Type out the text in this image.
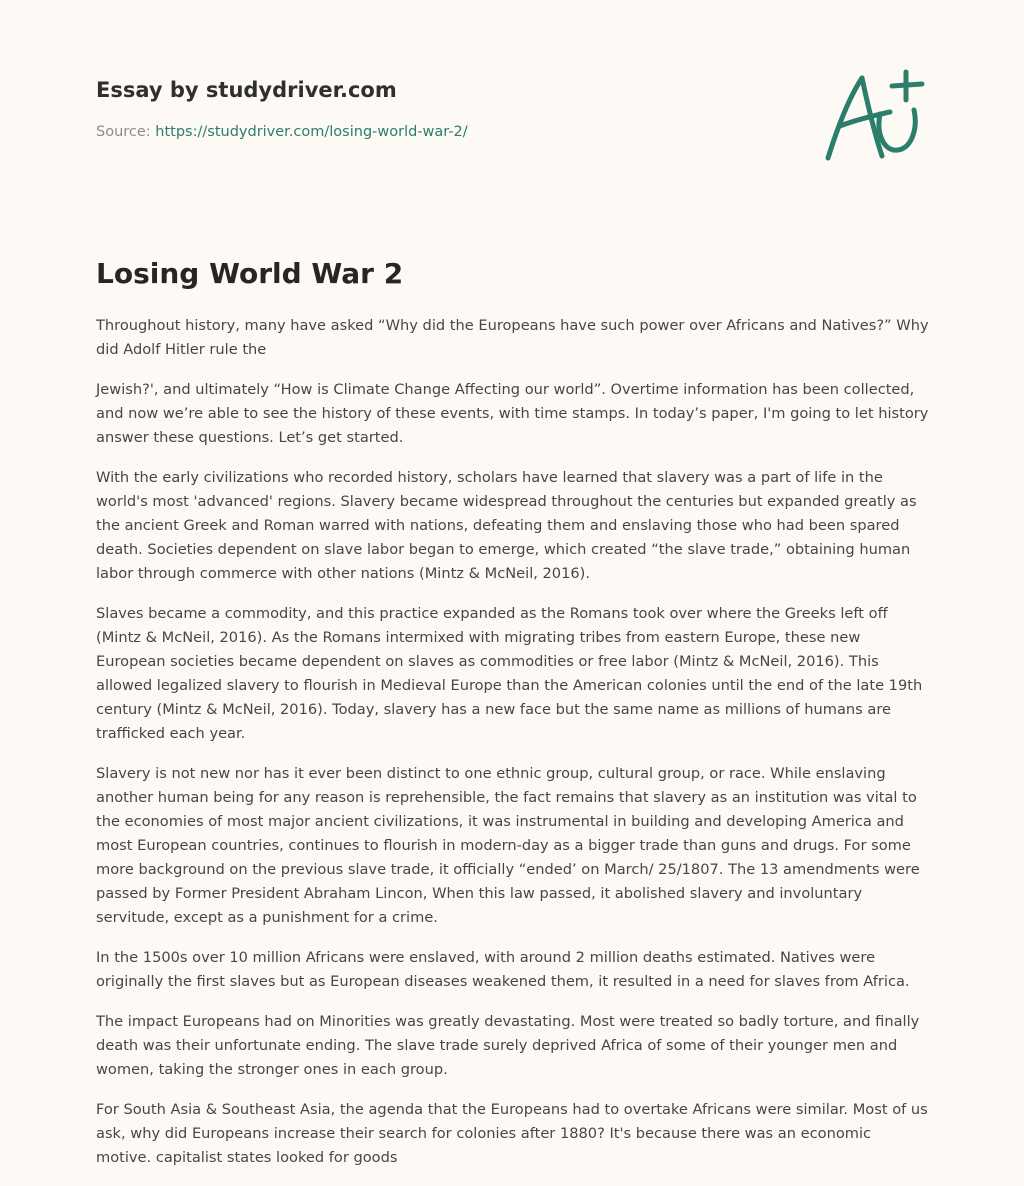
Essay by studydriver.com
Source: https://studydriver.com/losing-world-war-2/
Losing World War 2

Throughout history, many have asked “Why did the Europeans have such power over Africans and Natives?” Why did Adolf Hitler rule the

Jewish?', and ultimately “How is Climate Change Affecting our world”. Overtime information has been collected, and now we’re able to see the history of these events, with time stamps. In today’s paper, I'm going to let history answer these questions. Let’s get started.

With the early civilizations who recorded history, scholars have learned that slavery was a part of life in the world's most 'advanced' regions. Slavery became widespread throughout the centuries but expanded greatly as the ancient Greek and Roman warred with nations, defeating them and enslaving those who had been spared death. Societies dependent on slave labor began to emerge, which created “the slave trade,” obtaining human labor through commerce with other nations (Mintz & McNeil, 2016).

Slaves became a commodity, and this practice expanded as the Romans took over where the Greeks left off (Mintz & McNeil, 2016). As the Romans intermixed with migrating tribes from eastern Europe, these new European societies became dependent on slaves as commodities or free labor (Mintz & McNeil, 2016). This allowed legalized slavery to flourish in Medieval Europe than the American colonies until the end of the late 19th century (Mintz & McNeil, 2016). Today, slavery has a new face but the same name as millions of humans are trafficked each year.

Slavery is not new nor has it ever been distinct to one ethnic group, cultural group, or race. While enslaving another human being for any reason is reprehensible, the fact remains that slavery as an institution was vital to the economies of most major ancient civilizations, it was instrumental in building and developing America and most European countries, continues to flourish in modern-day as a bigger trade than guns and drugs. For some more background on the previous slave trade, it officially “ended’ on March/ 25/1807. The 13 amendments were passed by Former President Abraham Lincon, When this law passed, it abolished slavery and involuntary servitude, except as a punishment for a crime.

In the 1500s over 10 million Africans were enslaved, with around 2 million deaths estimated. Natives were originally the first slaves but as European diseases weakened them, it resulted in a need for slaves from Africa.

The impact Europeans had on Minorities was greatly devastating. Most were treated so badly torture, and finally death was their unfortunate ending. The slave trade surely deprived Africa of some of their younger men and women, taking the stronger ones in each group.

For South Asia & Southeast Asia, the agenda that the Europeans had to overtake Africans were similar. Most of us ask, why did Europeans increase their search for colonies after 1880? It's because there was an economic motive. capitalist states looked for goods
